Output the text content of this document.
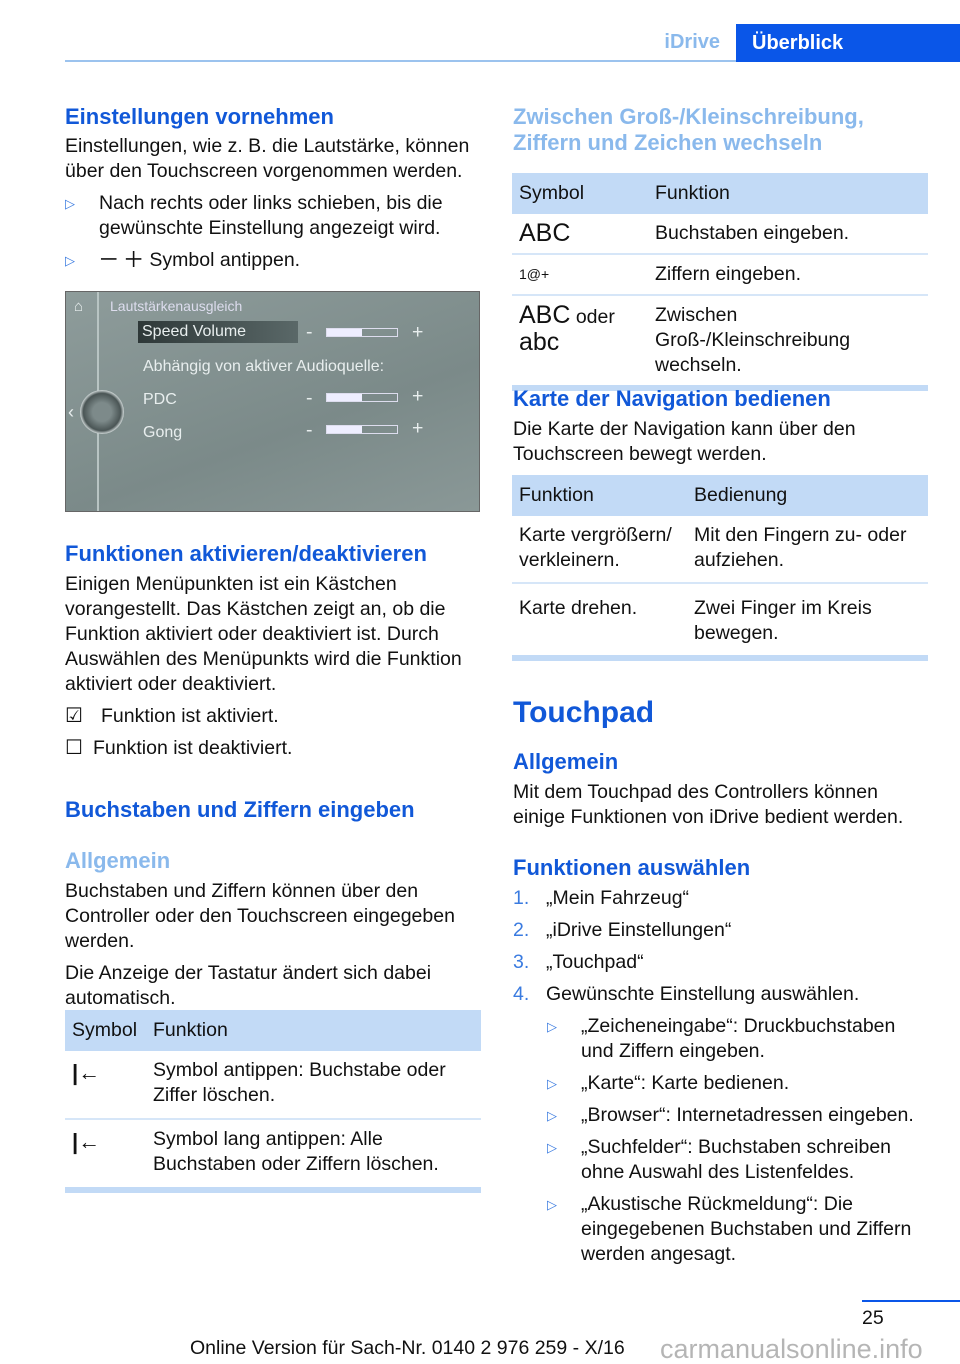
iDrive	Überblick
Einstellungen vornehmen

Einstellungen, wie z. B. die Lautstärke, können über den Touchscreen vorgenommen werden.

▷	Nach rechts oder links schieben, bis die gewünschte Einstellung angezeigt wird.
▷	－ ＋ Symbol antippen.
⌂ Lautstärkenausgleich
Speed Volume
Abhängig von aktiver Audioquelle:
PDC
Gong
-
-
-
+
+
+
‹
Funktionen aktivieren/deaktivieren

Einigen Menüpunkten ist ein Kästchen vorangestellt. Das Kästchen zeigt an, ob die Funktion aktiviert oder deaktiviert ist. Durch Auswählen des Menüpunkts wird die Funktion aktiviert oder deaktiviert.

☑ Funktion ist aktiviert.
☐ Funktion ist deaktiviert.
Buchstaben und Ziffern eingeben
Allgemein

Buchstaben und Ziffern können über den Controller oder den Touchscreen eingegeben werden.

Die Anzeige der Tastatur ändert sich dabei automatisch.

Symbol	Funktion
|←	Symbol antippen: Buchstabe oder Ziffer löschen.
|←	Symbol lang antippen: Alle Buchstaben oder Ziffern löschen.
Zwischen Groß-/Kleinschreibung, Ziffern und Zeichen wechseln
Symbol	Funktion
ABC	Buchstaben eingeben.
1@+	Ziffern eingeben.
ABC oder
abc	Zwischen Groß-/Kleinschreibung wechseln.
Karte der Navigation bedienen

Die Karte der Navigation kann über den Touchscreen bewegt werden.

Funktion	Bedienung
Karte vergrößern/ verkleinern.	Mit den Fingern zu- oder aufziehen.
Karte drehen.	Zwei Finger im Kreis bewegen.
Touchpad
Allgemein

Mit dem Touchpad des Controllers können einige Funktionen von iDrive bedient werden.

Funktionen auswählen
1. „Mein Fahrzeug“
2. „iDrive Einstellungen“
3. „Touchpad“
4. Gewünschte Einstellung auswählen.
▷	„Zeicheneingabe“: Druckbuchstaben und Ziffern eingeben.
▷	„Karte“: Karte bedienen.
▷	„Browser“: Internetadressen eingeben.
▷	„Suchfelder“: Buchstaben schreiben ohne Auswahl des Listenfeldes.
▷	„Akustische Rückmeldung“: Die eingegebenen Buchstaben und Ziffern werden angesagt.
25
Online Version für Sach-Nr. 0140 2 976 259 - X/16 carmanualsonline.info
